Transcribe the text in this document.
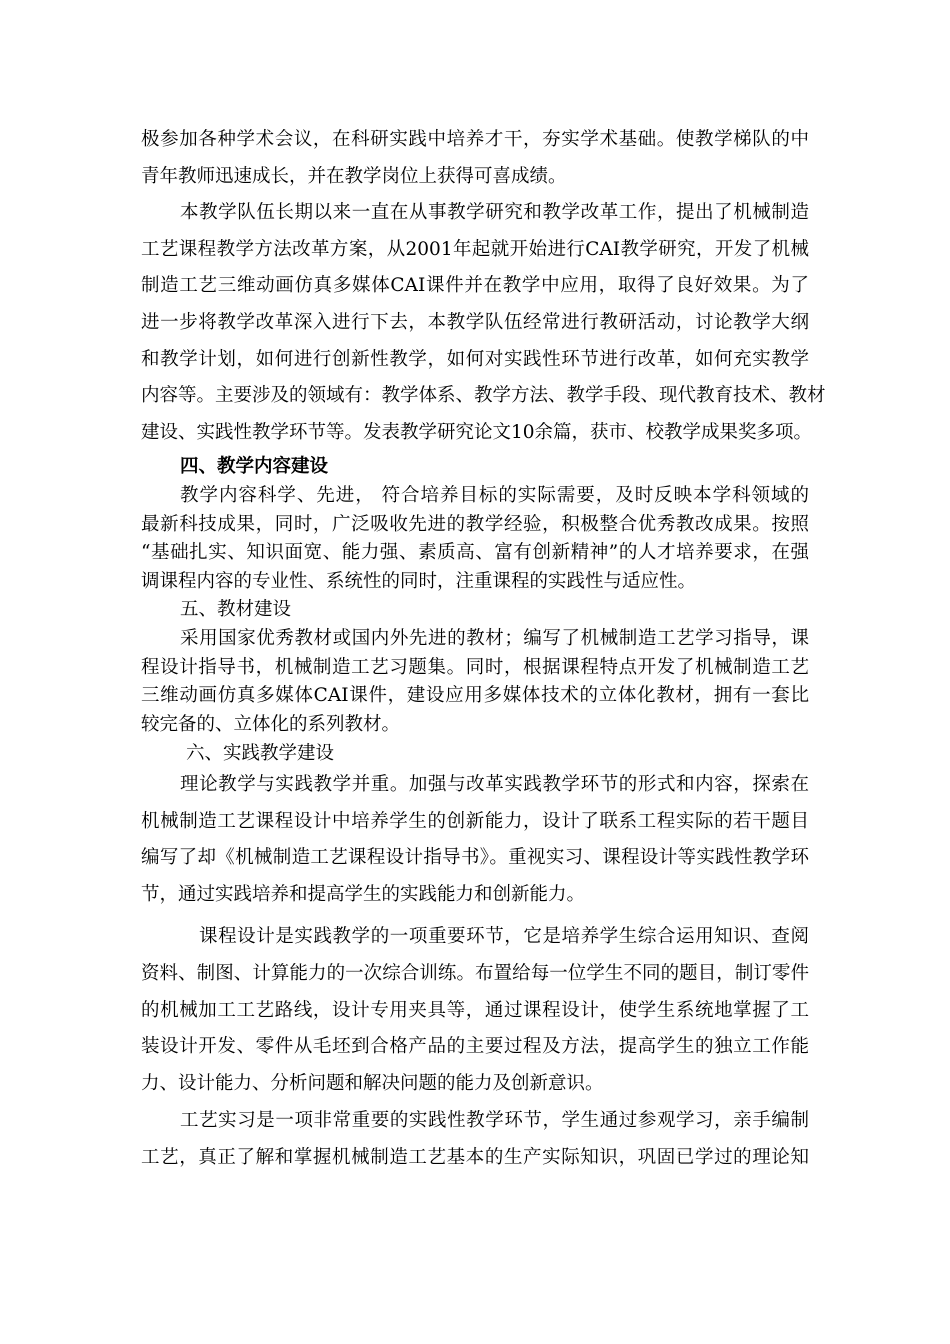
极参加各种学术会议，在科研实践中培养才干，夯实学术基础。使教学梯队的中
青年教师迅速成长，并在教学岗位上获得可喜成绩。
本教学队伍长期以来一直在从事教学研究和教学改革工作，提出了机械制造
工艺课程教学方法改革方案，从2001年起就开始进行CAI教学研究，开发了机械
制造工艺三维动画仿真多媒体CAI课件并在教学中应用，取得了良好效果。为了
进一步将教学改革深入进行下去，本教学队伍经常进行教研活动，讨论教学大纲
和教学计划，如何进行创新性教学，如何对实践性环节进行改革，如何充实教学
内容等。主要涉及的领域有：教学体系、教学方法、教学手段、现代教育技术、教材
建设、实践性教学环节等。发表教学研究论文10余篇，获市、校教学成果奖多项。
四、教学内容建设
教学内容科学、先进， 符合培养目标的实际需要，及时反映本学科领域的
最新科技成果，同时，广泛吸收先进的教学经验，积极整合优秀教改成果。按照
“基础扎实、知识面宽、能力强、素质高、富有创新精神”的人才培养要求，在强
调课程内容的专业性、系统性的同时，注重课程的实践性与适应性。
五、教材建设
采用国家优秀教材或国内外先进的教材；编写了机械制造工艺学习指导，课
程设计指导书，机械制造工艺习题集。同时，根据课程特点开发了机械制造工艺
三维动画仿真多媒体CAI课件，建设应用多媒体技术的立体化教材，拥有一套比
较完备的、立体化的系列教材。
六、实践教学建设
理论教学与实践教学并重。加强与改革实践教学环节的形式和内容，探索在
机械制造工艺课程设计中培养学生的创新能力，设计了联系工程实际的若干题目
编写了却《机械制造工艺课程设计指导书》。重视实习、课程设计等实践性教学环
节，通过实践培养和提高学生的实践能力和创新能力。
课程设计是实践教学的一项重要环节，它是培养学生综合运用知识、查阅
资料、制图、计算能力的一次综合训练。布置给每一位学生不同的题目，制订零件
的机械加工工艺路线，设计专用夹具等，通过课程设计，使学生系统地掌握了工
装设计开发、零件从毛坯到合格产品的主要过程及方法，提高学生的独立工作能
力、设计能力、分析问题和解决问题的能力及创新意识。
工艺实习是一项非常重要的实践性教学环节，学生通过参观学习，亲手编制
工艺，真正了解和掌握机械制造工艺基本的生产实际知识，巩固已学过的理论知
